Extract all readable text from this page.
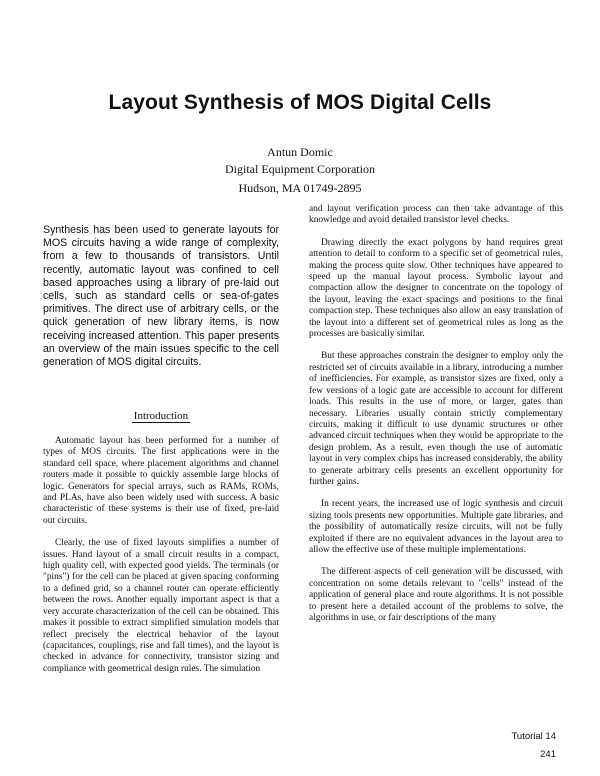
Layout Synthesis of MOS Digital Cells
Antun Domic
Digital Equipment Corporation
Hudson, MA 01749-2895
Synthesis has been used to generate layouts for MOS circuits having a wide range of complexity, from a few to thousands of transistors. Until recently, automatic layout was confined to cell based approaches using a library of pre-laid out cells, such as standard cells or sea-of-gates primitives. The direct use of arbitrary cells, or the quick generation of new library items, is now receiving increased attention. This paper presents an overview of the main issues specific to the cell generation of MOS digital circuits.
Introduction

Automatic layout has been performed for a number of types of MOS circuits. The first applications were in the standard cell space, where placement algorithms and channel routers made it possible to quickly assemble large blocks of logic. Generators for special arrays, such as RAMs, ROMs, and PLAs, have also been widely used with success. A basic characteristic of these systems is their use of fixed, pre-laid out circuits.

Clearly, the use of fixed layouts simplifies a number of issues. Hand layout of a small circuit results in a compact, high quality cell, with expected good yields. The terminals (or "pins") for the cell can be placed at given spacing conforming to a defined grid, so a channel router can operate efficiently between the rows. Another equally important aspect is that a very accurate characterization of the cell can be obtained. This makes it possible to extract simplified simulation models that reflect precisely the electrical behavior of the layout (capacitances, couplings, rise and fall times), and the layout is checked in advance for connectivity, transistor sizing and compliance with geometrical design rules. The simulation

and layout verification process can then take advantage of this knowledge and avoid detailed transistor level checks.

Drawing directly the exact polygons by hand requires great attention to detail to conform to a specific set of geometrical rules, making the process quite slow. Other techniques have appeared to speed up the manual layout process. Symbolic layout and compaction allow the designer to concentrate on the topology of the layout, leaving the exact spacings and positions to the final compaction step. These techniques also allow an easy translation of the layout into a different set of geometrical rules as long as the processes are basically similar.

But these approaches constrain the designer to employ only the restricted set of circuits available in a library, introducing a number of inefficiencies. For example, as transistor sizes are fixed, only a few versions of a logic gate are accessible to account for different loads. This results in the use of more, or larger, gates than necessary. Libraries usually contain strictly complementary circuits, making it difficult to use dynamic structures or other advanced circuit techniques when they would be appropriate to the design problem. As a result, even though the use of automatic layout in very complex chips has increased considerably, the ability to generate arbitrary cells presents an excellent opportunity for further gains.

In recent years, the increased use of logic synthesis and circuit sizing tools presents new opportunities. Multiple gate libraries, and the possibility of automatically resize circuits, will not be fully exploited if there are no equivalent advances in the layout area to allow the effective use of these multiple implementations.

The different aspects of cell generation will be discussed, with concentration on some details relevant to "cells" instead of the application of general place and route algorithms. It is not possible to present here a detailed account of the problems to solve, the algorithms in use, or fair descriptions of the many

Tutorial 14
241
